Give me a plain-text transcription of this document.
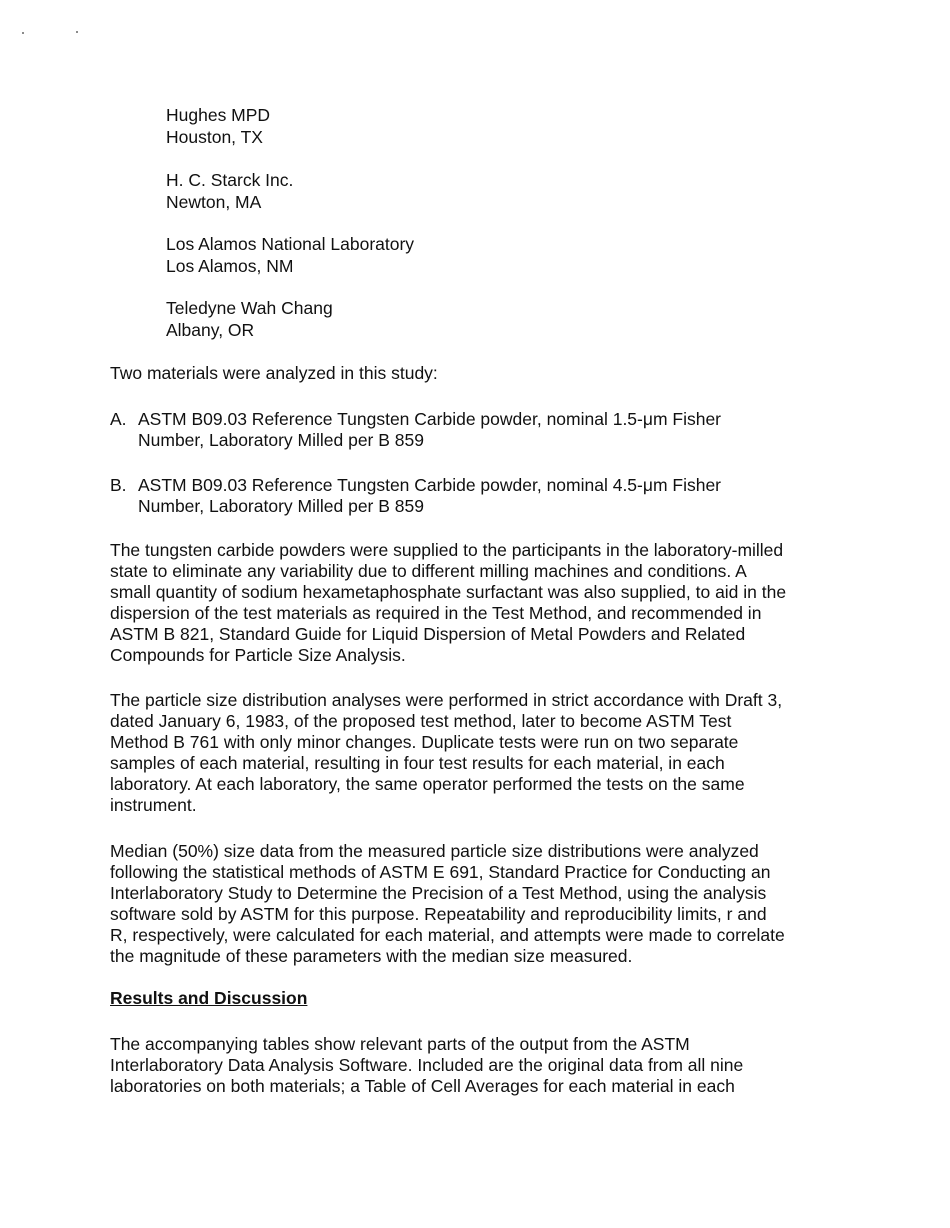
Hughes MPD
Houston, TX
H. C. Starck Inc.
Newton, MA
Los Alamos National Laboratory
Los Alamos, NM
Teledyne Wah Chang
Albany, OR
Two materials were analyzed in this study:
A. ASTM B09.03 Reference Tungsten Carbide powder, nominal 1.5-μm Fisher
Number, Laboratory Milled per B 859
B. ASTM B09.03 Reference Tungsten Carbide powder, nominal 4.5-μm Fisher
Number, Laboratory Milled per B 859
The tungsten carbide powders were supplied to the participants in the laboratory-milled
state to eliminate any variability due to different milling machines and conditions. A
small quantity of sodium hexametaphosphate surfactant was also supplied, to aid in the
dispersion of the test materials as required in the Test Method, and recommended in
ASTM B 821, Standard Guide for Liquid Dispersion of Metal Powders and Related
Compounds for Particle Size Analysis.
The particle size distribution analyses were performed in strict accordance with Draft 3,
dated January 6, 1983, of the proposed test method, later to become ASTM Test
Method B 761 with only minor changes. Duplicate tests were run on two separate
samples of each material, resulting in four test results for each material, in each
laboratory. At each laboratory, the same operator performed the tests on the same
instrument.
Median (50%) size data from the measured particle size distributions were analyzed
following the statistical methods of ASTM E 691, Standard Practice for Conducting an
Interlaboratory Study to Determine the Precision of a Test Method, using the analysis
software sold by ASTM for this purpose. Repeatability and reproducibility limits, r and
R, respectively, were calculated for each material, and attempts were made to correlate
the magnitude of these parameters with the median size measured.
Results and Discussion
The accompanying tables show relevant parts of the output from the ASTM
Interlaboratory Data Analysis Software. Included are the original data from all nine
laboratories on both materials; a Table of Cell Averages for each material in each
